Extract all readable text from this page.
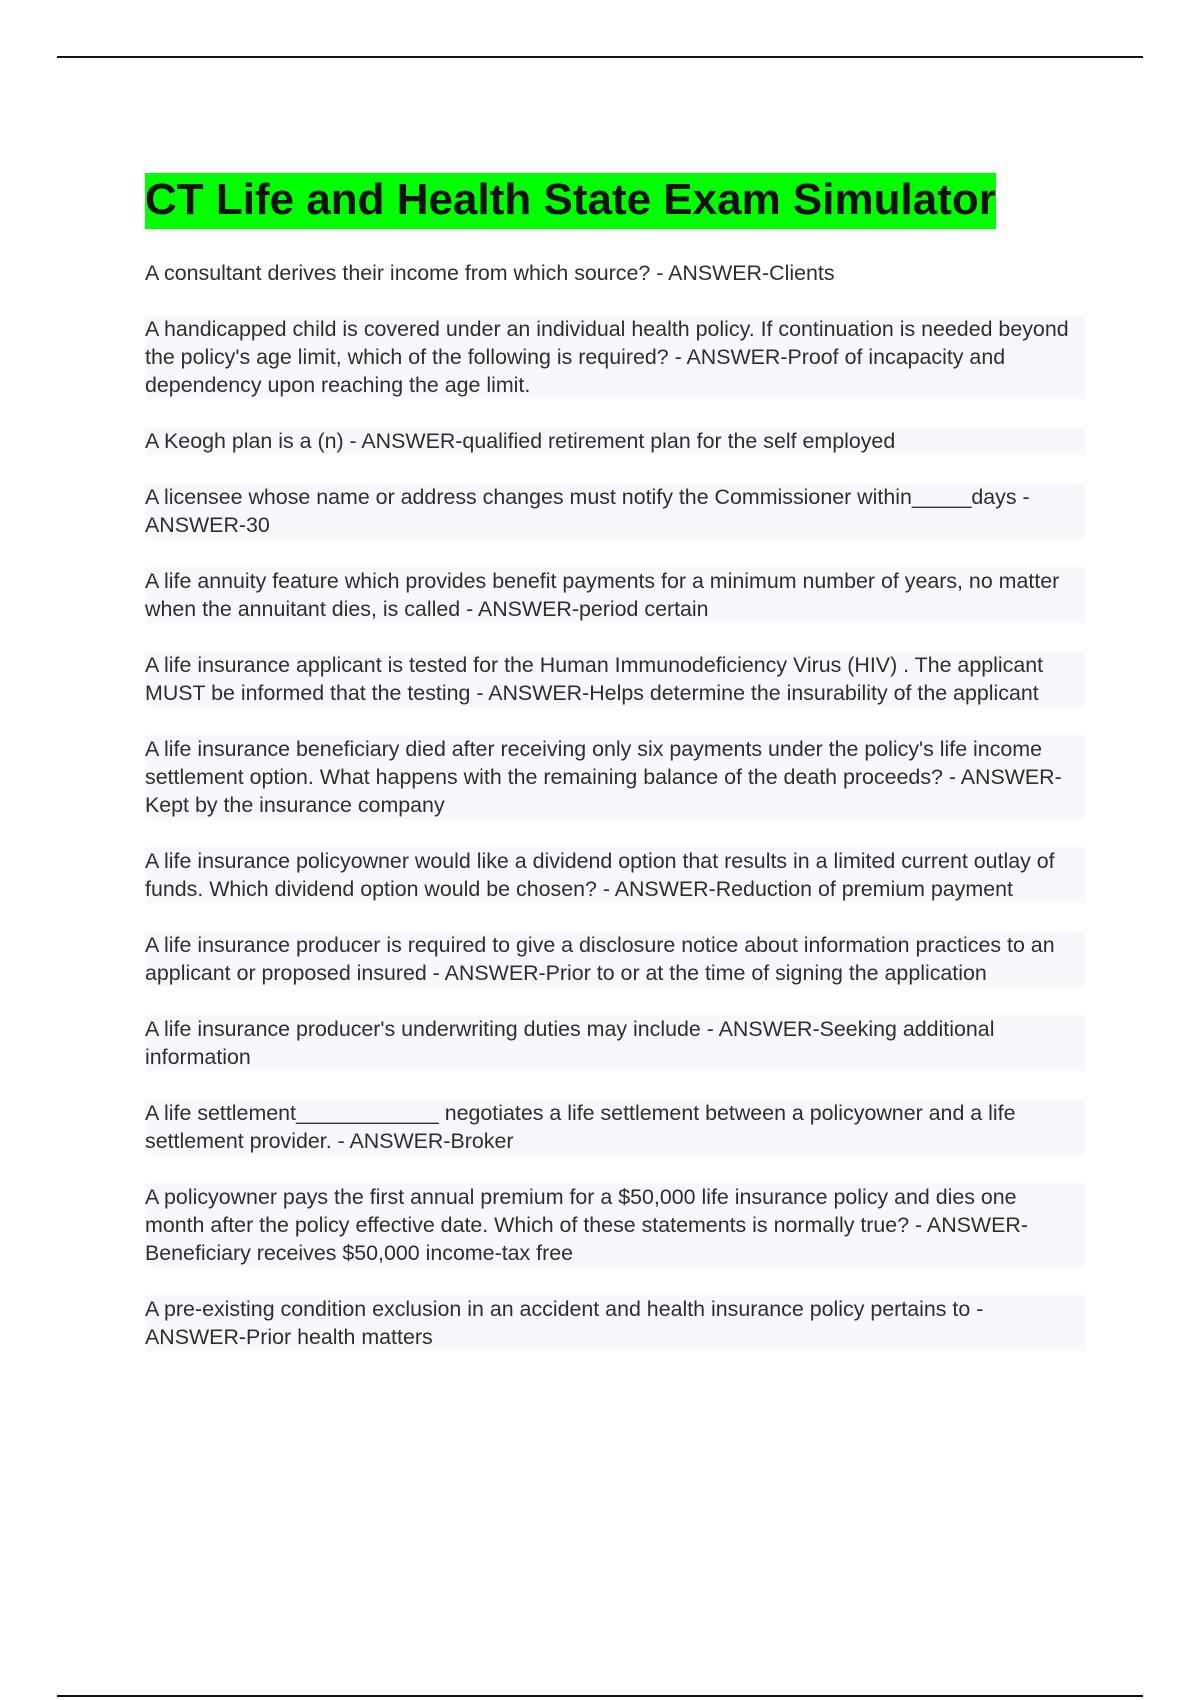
CT Life and Health State Exam Simulator
A consultant derives their income from which source? - ANSWER-Clients
A handicapped child is covered under an individual health policy. If continuation is needed beyond the policy's age limit, which of the following is required? - ANSWER-Proof of incapacity and dependency upon reaching the age limit.
A Keogh plan is a (n) - ANSWER-qualified retirement plan for the self employed
A licensee whose name or address changes must notify the Commissioner within_____days - ANSWER-30
A life annuity feature which provides benefit payments for a minimum number of years, no matter when the annuitant dies, is called - ANSWER-period certain
A life insurance applicant is tested for the Human Immunodeficiency Virus (HIV) . The applicant MUST be informed that the testing - ANSWER-Helps determine the insurability of the applicant
A life insurance beneficiary died after receiving only six payments under the policy's life income settlement option. What happens with the remaining balance of the death proceeds? - ANSWER-Kept by the insurance company
A life insurance policyowner would like a dividend option that results in a limited current outlay of funds. Which dividend option would be chosen? - ANSWER-Reduction of premium payment
A life insurance producer is required to give a disclosure notice about information practices to an applicant or proposed insured - ANSWER-Prior to or at the time of signing the application
A life insurance producer's underwriting duties may include - ANSWER-Seeking additional information
A life settlement____________ negotiates a life settlement between a policyowner and a life settlement provider. - ANSWER-Broker
A policyowner pays the first annual premium for a $50,000 life insurance policy and dies one month after the policy effective date. Which of these statements is normally true? - ANSWER-Beneficiary receives $50,000 income-tax free
A pre-existing condition exclusion in an accident and health insurance policy pertains to - ANSWER-Prior health matters
